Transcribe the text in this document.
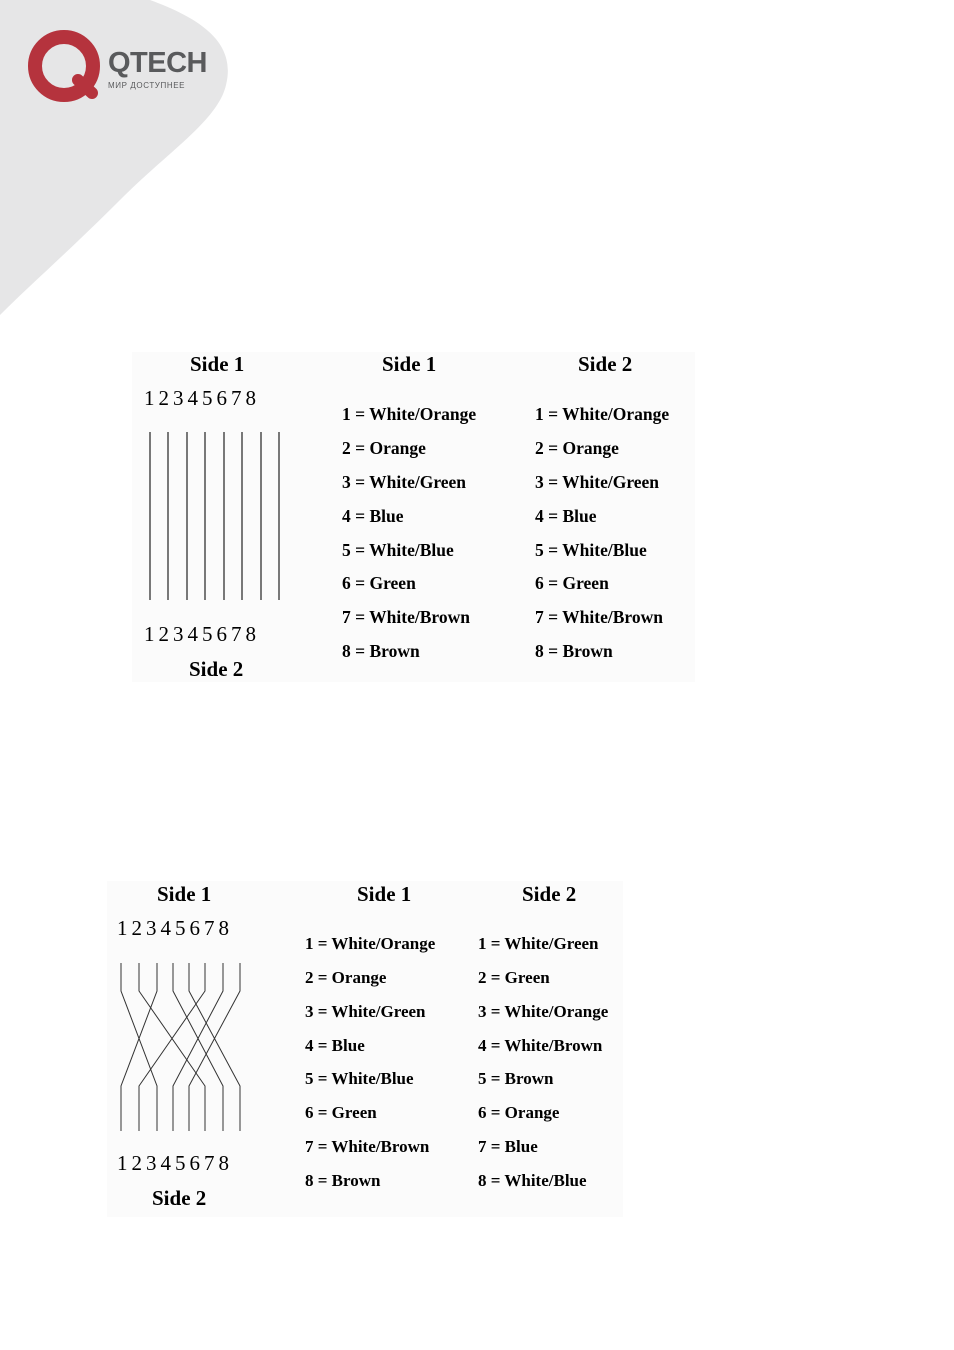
QTECH
МИР ДОСТУПНЕЕ
Side 1
12345678
12345678
Side 2
Side 1	Side 2
1 = White/Orange
2 = Orange
3 = White/Green
4 = Blue
5 = White/Blue
6 = Green
7 = White/Brown
8 = Brown
1 = White/Orange
2 = Orange
3 = White/Green
4 = Blue
5 = White/Blue
6 = Green
7 = White/Brown
8 = Brown
Side 1
12345678
12345678
Side 2
Side 1	Side 2
1 = White/Orange
2 = Orange
3 = White/Green
4 = Blue
5 = White/Blue
6 = Green
7 = White/Brown
8 = Brown
1 = White/Green
2 = Green
3 = White/Orange
4 = White/Brown
5 = Brown
6 = Orange
7 = Blue
8 = White/Blue
